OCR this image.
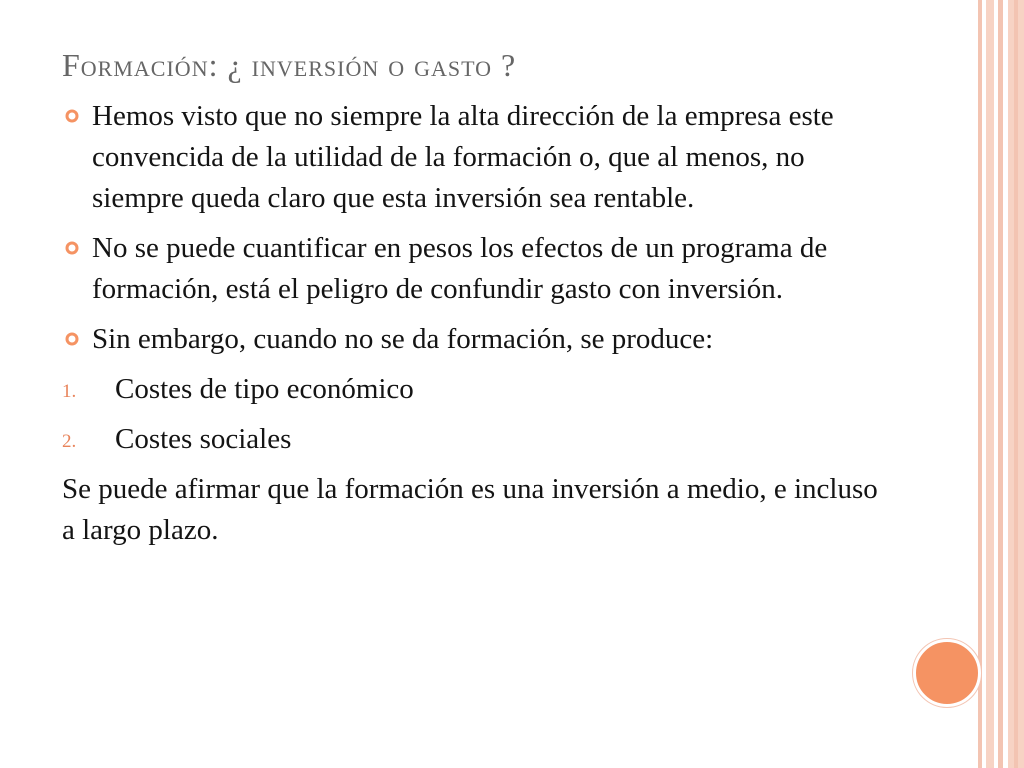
Formación: ¿ inversión o gasto ?
Hemos visto que no siempre la alta dirección de la empresa este convencida de la utilidad de la formación o, que al menos, no siempre queda claro que esta inversión sea rentable.
No se puede cuantificar en pesos los efectos de un programa de formación, está el peligro de confundir gasto con inversión.
Sin embargo, cuando no se da formación, se produce:
1. Costes de tipo económico
2. Costes sociales
Se puede afirmar que la formación es una inversión a medio, e incluso a largo plazo.
